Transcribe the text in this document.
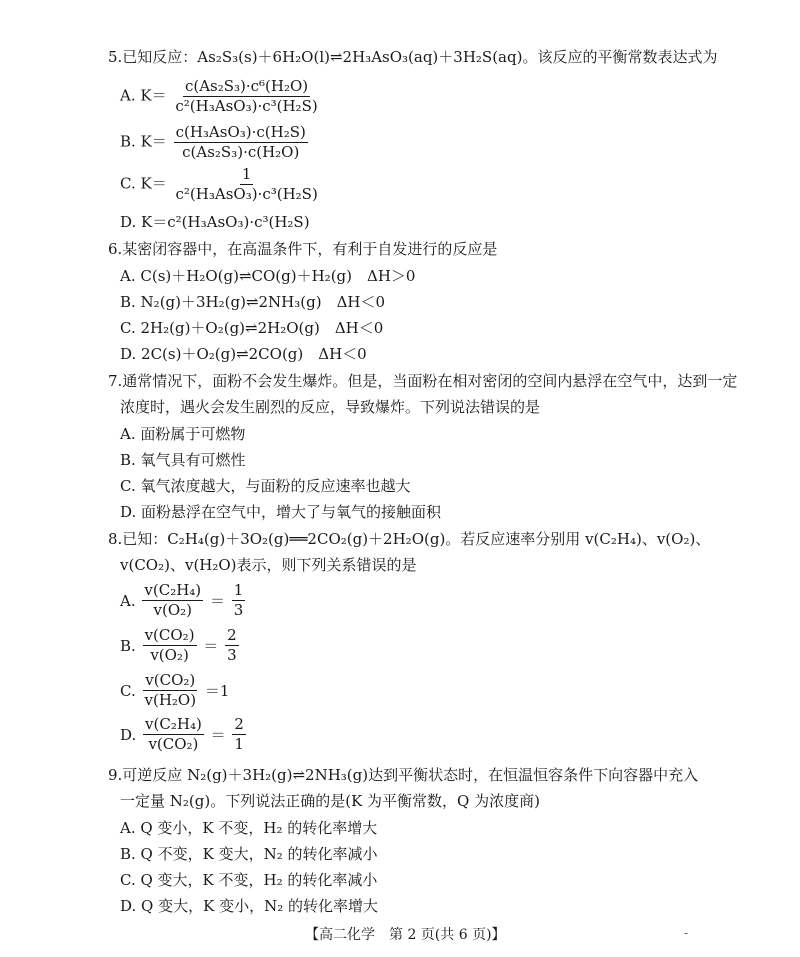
5.已知反应：As₂S₃(s)＋6H₂O(l)⇌2H₃AsO₃(aq)＋3H₂S(aq)。该反应的平衡常数表达式为
A. $K= \frac{\text{c(As₂S₃)·c⁶(H₂O)}}{\text{c²(H₃AsO₃)·c³(H₂S)}}$
B. $K= \frac{\text{c(H₃AsO₃)·c(H₂S)}}{\text{c(As₂S₃)·c(H₂O)}}$
C. $K= \frac{1}{\text{c²(H₃AsO₃)·c³(H₂S)}}$
D. K＝c²(H₃AsO₃)·c³(H₂S)
6.某密闭容器中，在高温条件下，有利于自发进行的反应是
A. C(s)＋H₂O(g)⇌CO(g)＋H₂(g)　ΔH＞0
B. N₂(g)＋3H₂(g)⇌2NH₃(g)　ΔH＜0
C. 2H₂(g)＋O₂(g)⇌2H₂O(g)　ΔH＜0
D. 2C(s)＋O₂(g)⇌2CO(g)　ΔH＜0
7.通常情况下，面粉不会发生爆炸。但是，当面粉在相对密闭的空间内悬浮在空气中，达到一定
浓度时，遇火会发生剧烈的反应，导致爆炸。下列说法错误的是
A. 面粉属于可燃物
B. 氧气具有可燃性
C. 氧气浓度越大，与面粉的反应速率也越大
D. 面粉悬浮在空气中，增大了与氧气的接触面积
8.已知：C₂H₄(g)＋3O₂(g)══2CO₂(g)＋2H₂O(g)。若反应速率分别用 v(C₂H₄)、v(O₂)、
v(CO₂)、v(H₂O)表示，则下列关系错误的是
A. $\frac{\text{v(C₂H₄)}}{\text{v(O₂)}} = \frac{1}{3}$
B. $\frac{\text{v(CO₂)}}{\text{v(O₂)}} = \frac{2}{3}$
C. $\frac{\text{v(CO₂)}}{\text{v(H₂O)}} =1$
D. $\frac{\text{v(C₂H₄)}}{\text{v(CO₂)}} = \frac{2}{1}$
9.可逆反应 N₂(g)＋3H₂(g)⇌2NH₃(g)达到平衡状态时，在恒温恒容条件下向容器中充入
一定量 N₂(g)。下列说法正确的是(K 为平衡常数，Q 为浓度商)
A. Q 变小，K 不变，H₂ 的转化率增大
B. Q 不变，K 变大，N₂ 的转化率减小
C. Q 变大，K 不变，H₂ 的转化率减小
D. Q 变大，K 变小，N₂ 的转化率增大
【高二化学　第 2 页(共 6 页)】	-
